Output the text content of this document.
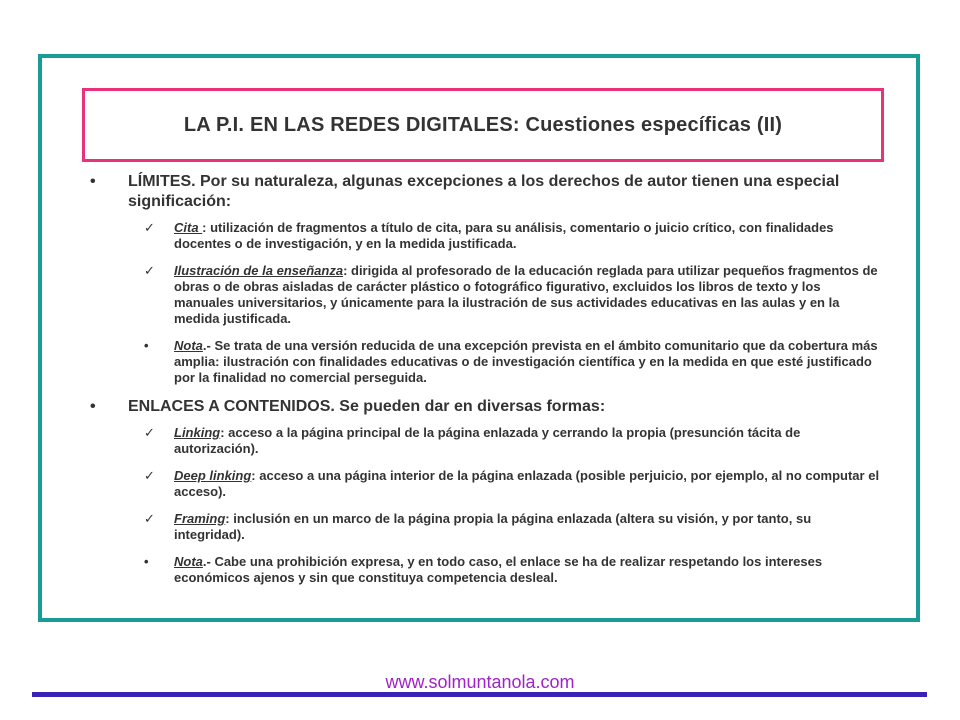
LA P.I. EN LAS REDES DIGITALES: Cuestiones específicas (II)
• LÍMITES. Por su naturaleza, algunas excepciones a los derechos de autor tienen una especial significación:
✓ Cita : utilización de fragmentos a título de cita, para su análisis, comentario o juicio crítico, con finalidades docentes o de investigación, y en la medida justificada.
✓ Ilustración de la enseñanza: dirigida al profesorado de la educación reglada para utilizar pequeños fragmentos de obras o de obras aisladas de carácter plástico o fotográfico figurativo, excluidos los libros de texto y los manuales universitarios, y únicamente para la ilustración de sus actividades educativas en las aulas y en la medida justificada.
• Nota.- Se trata de una versión reducida de una excepción prevista en el ámbito comunitario que da cobertura más amplia: ilustración con finalidades educativas o de investigación científica y en la medida en que esté justificado por la finalidad no comercial perseguida.
• ENLACES A CONTENIDOS. Se pueden dar en diversas formas:
✓ Linking: acceso a la página principal de la página enlazada y cerrando la propia (presunción tácita de autorización).
✓ Deep linking: acceso a una página interior de la página enlazada (posible perjuicio, por ejemplo, al no computar el acceso).
✓ Framing: inclusión en un marco de la página propia la página enlazada (altera su visión, y por tanto, su integridad).
• Nota.- Cabe una prohibición expresa, y en todo caso, el enlace se ha de realizar respetando los intereses económicos ajenos y sin que constituya competencia desleal.
www.solmuntanola.com
